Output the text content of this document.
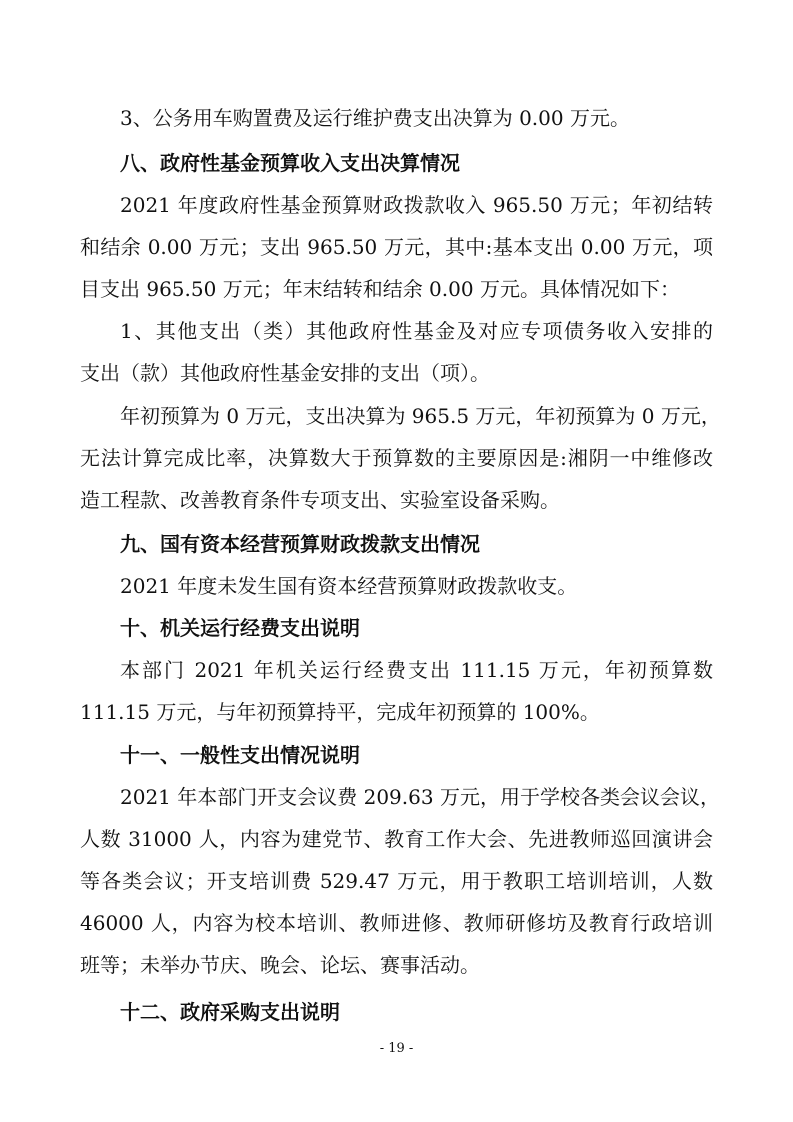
3、公务用车购置费及运行维护费支出决算为 0.00 万元。
八、政府性基金预算收入支出决算情况
2021 年度政府性基金预算财政拨款收入 965.50 万元；年初结转
和结余 0.00 万元；支出 965.50 万元，其中:基本支出 0.00 万元，项
目支出 965.50 万元；年末结转和结余 0.00 万元。具体情况如下：
1、其他支出（类）其他政府性基金及对应专项债务收入安排的
支出（款）其他政府性基金安排的支出（项）。
年初预算为 0 万元，支出决算为 965.5 万元，年初预算为 0 万元，
无法计算完成比率，决算数大于预算数的主要原因是:湘阴一中维修改
造工程款、改善教育条件专项支出、实验室设备采购。
九、国有资本经营预算财政拨款支出情况
2021 年度未发生国有资本经营预算财政拨款收支。
十、机关运行经费支出说明
本部门 2021 年机关运行经费支出 111.15 万元，年初预算数
111.15 万元，与年初预算持平，完成年初预算的 100%。
十一、一般性支出情况说明
2021 年本部门开支会议费 209.63 万元，用于学校各类会议会议，
人数 31000 人，内容为建党节、教育工作大会、先进教师巡回演讲会
等各类会议；开支培训费 529.47 万元，用于教职工培训培训，人数
46000 人，内容为校本培训、教师进修、教师研修坊及教育行政培训
班等；未举办节庆、晚会、论坛、赛事活动。
十二、政府采购支出说明
- 19 -
